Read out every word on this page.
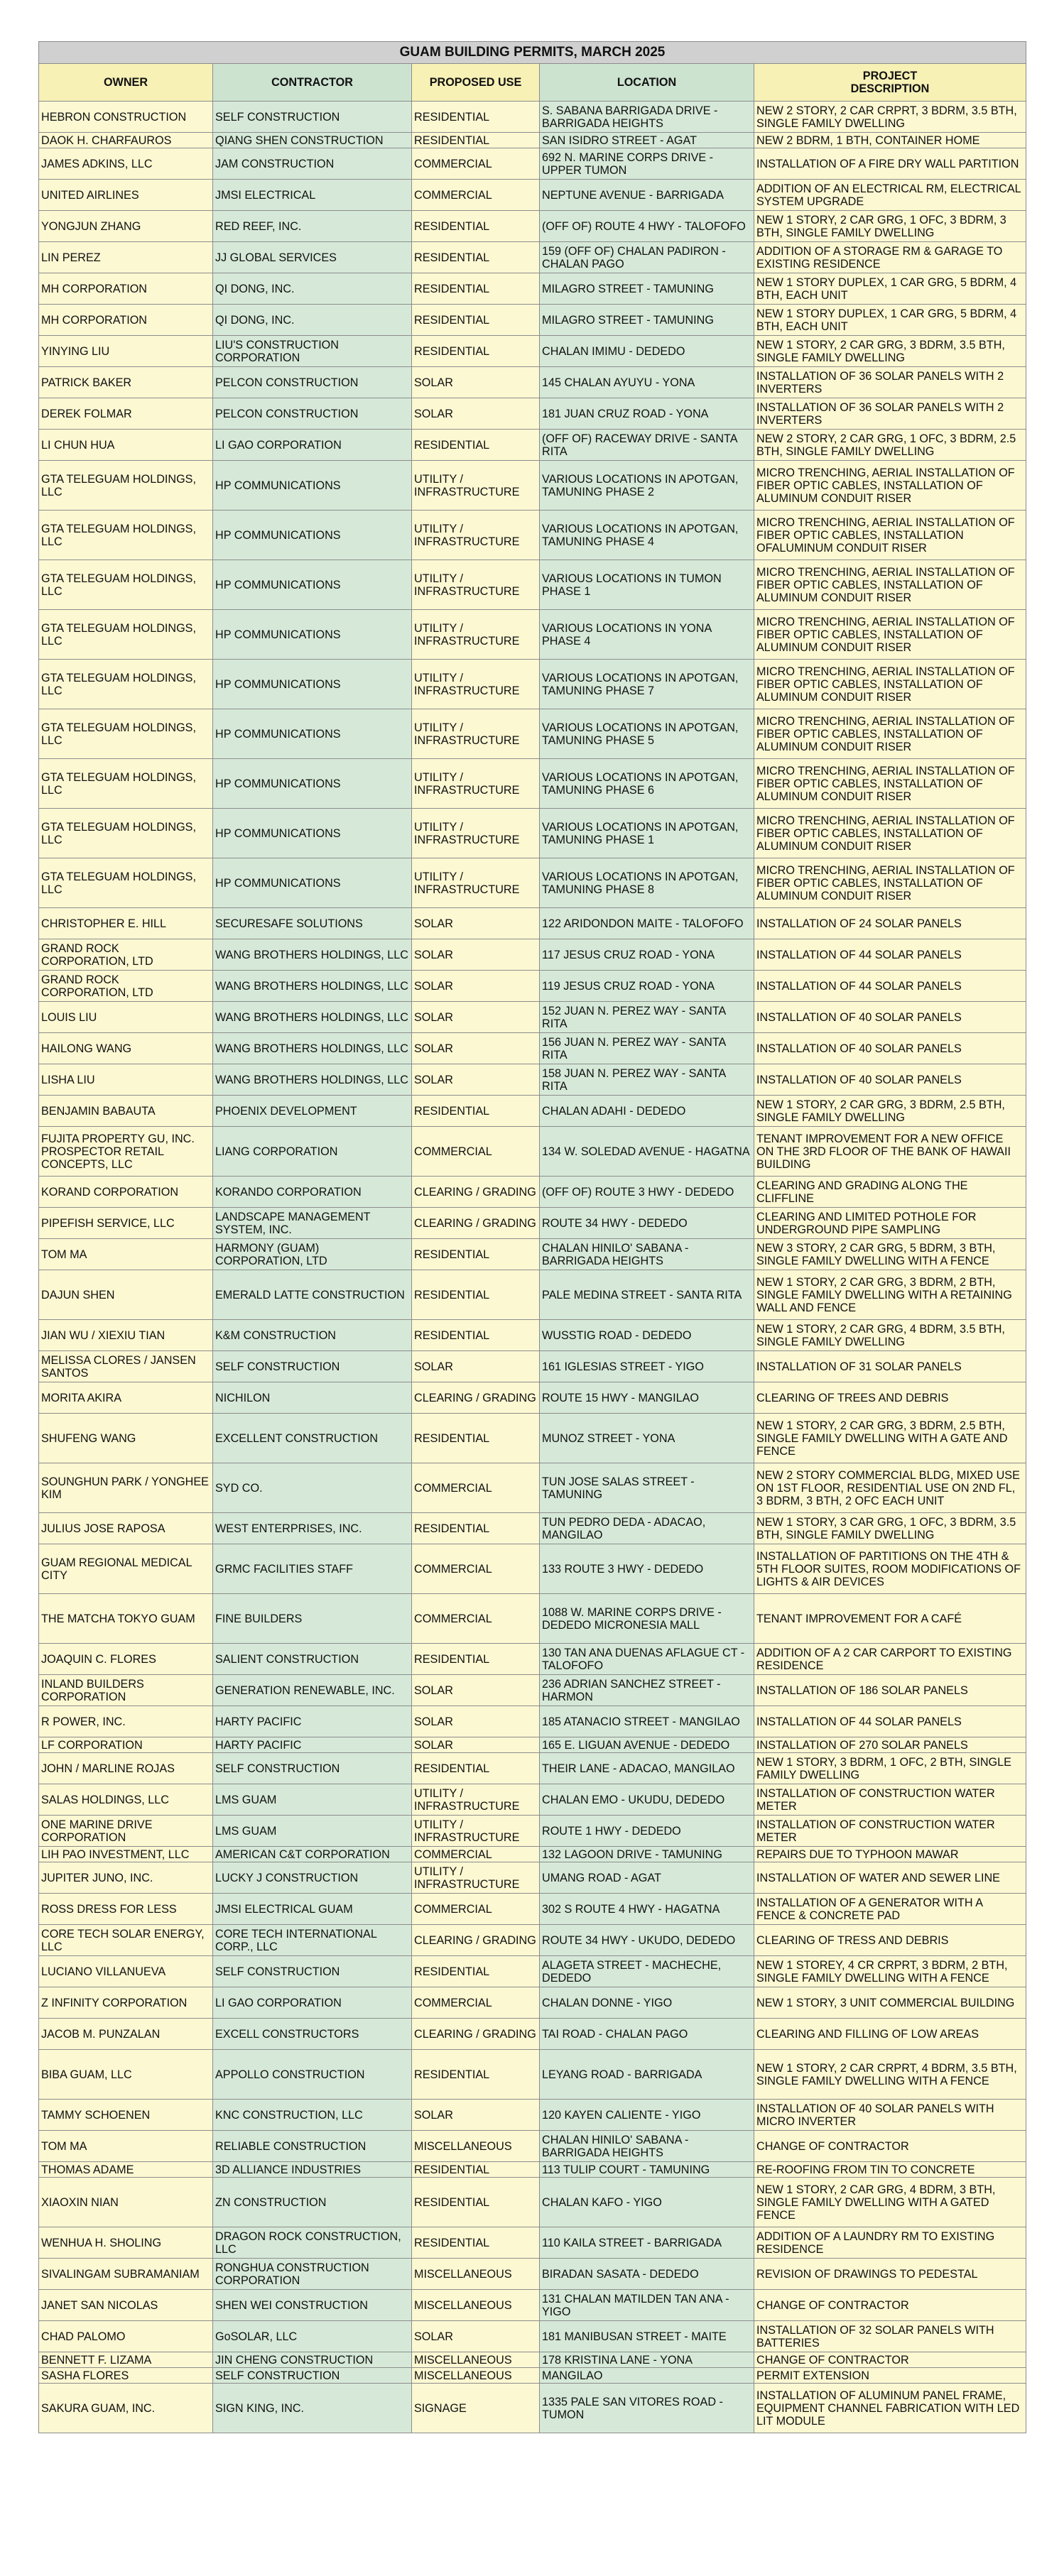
GUAM BUILDING PERMITS, MARCH 2025				
OWNER	CONTRACTOR	PROPOSED USE	LOCATION	PROJECT
DESCRIPTION
HEBRON CONSTRUCTION	SELF CONSTRUCTION	RESIDENTIAL	S. SABANA BARRIGADA DRIVE - BARRIGADA HEIGHTS	NEW 2 STORY, 2 CAR CRPRT, 3 BDRM, 3.5 BTH, SINGLE FAMILY DWELLING
DAOK H. CHARFAUROS	QIANG SHEN CONSTRUCTION	RESIDENTIAL	SAN ISIDRO STREET - AGAT	NEW 2 BDRM, 1 BTH, CONTAINER HOME
JAMES ADKINS, LLC	JAM CONSTRUCTION	COMMERCIAL	692 N. MARINE CORPS DRIVE - UPPER TUMON	INSTALLATION OF A FIRE DRY WALL PARTITION
UNITED AIRLINES	JMSI ELECTRICAL	COMMERCIAL	NEPTUNE AVENUE - BARRIGADA	ADDITION OF AN ELECTRICAL RM, ELECTRICAL SYSTEM UPGRADE
YONGJUN ZHANG	RED REEF, INC.	RESIDENTIAL	(OFF OF) ROUTE 4 HWY - TALOFOFO	NEW 1 STORY, 2 CAR GRG, 1 OFC, 3 BDRM, 3 BTH, SINGLE FAMILY DWELLING
LIN PEREZ	JJ GLOBAL SERVICES	RESIDENTIAL	159 (OFF OF) CHALAN PADIRON - CHALAN PAGO	ADDITION OF A STORAGE RM & GARAGE TO EXISTING RESIDENCE
MH CORPORATION	QI DONG, INC.	RESIDENTIAL	MILAGRO STREET - TAMUNING	NEW 1 STORY DUPLEX, 1 CAR GRG, 5 BDRM, 4 BTH, EACH UNIT
MH CORPORATION	QI DONG, INC.	RESIDENTIAL	MILAGRO STREET - TAMUNING	NEW 1 STORY DUPLEX, 1 CAR GRG, 5 BDRM, 4 BTH, EACH UNIT
YINYING LIU	LIU'S CONSTRUCTION CORPORATION	RESIDENTIAL	CHALAN IMIMU - DEDEDO	NEW 1 STORY, 2 CAR GRG, 3 BDRM, 3.5 BTH, SINGLE FAMILY DWELLING
PATRICK BAKER	PELCON CONSTRUCTION	SOLAR	145 CHALAN AYUYU - YONA	INSTALLATION OF 36 SOLAR PANELS WITH 2 INVERTERS
DEREK FOLMAR	PELCON CONSTRUCTION	SOLAR	181 JUAN CRUZ ROAD - YONA	INSTALLATION OF 36 SOLAR PANELS WITH 2 INVERTERS
LI CHUN HUA	LI GAO CORPORATION	RESIDENTIAL	(OFF OF) RACEWAY DRIVE - SANTA RITA	NEW 2 STORY, 2 CAR GRG, 1 OFC, 3 BDRM, 2.5 BTH, SINGLE FAMILY DWELLING
GTA TELEGUAM HOLDINGS, LLC	HP COMMUNICATIONS	UTILITY / INFRASTRUCTURE	VARIOUS LOCATIONS IN APOTGAN, TAMUNING PHASE 2	MICRO TRENCHING, AERIAL INSTALLATION OF FIBER OPTIC CABLES, INSTALLATION OF ALUMINUM CONDUIT RISER
GTA TELEGUAM HOLDINGS, LLC	HP COMMUNICATIONS	UTILITY / INFRASTRUCTURE	VARIOUS LOCATIONS IN APOTGAN, TAMUNING PHASE 4	MICRO TRENCHING, AERIAL INSTALLATION OF FIBER OPTIC CABLES, INSTALLATION OFALUMINUM CONDUIT RISER
GTA TELEGUAM HOLDINGS, LLC	HP COMMUNICATIONS	UTILITY / INFRASTRUCTURE	VARIOUS LOCATIONS IN TUMON PHASE 1	MICRO TRENCHING, AERIAL INSTALLATION OF FIBER OPTIC CABLES, INSTALLATION OF ALUMINUM CONDUIT RISER
GTA TELEGUAM HOLDINGS, LLC	HP COMMUNICATIONS	UTILITY / INFRASTRUCTURE	VARIOUS LOCATIONS IN YONA PHASE 4	MICRO TRENCHING, AERIAL INSTALLATION OF FIBER OPTIC CABLES, INSTALLATION OF ALUMINUM CONDUIT RISER
GTA TELEGUAM HOLDINGS, LLC	HP COMMUNICATIONS	UTILITY / INFRASTRUCTURE	VARIOUS LOCATIONS IN APOTGAN, TAMUNING PHASE 7	MICRO TRENCHING, AERIAL INSTALLATION OF FIBER OPTIC CABLES, INSTALLATION OF ALUMINUM CONDUIT RISER
GTA TELEGUAM HOLDINGS, LLC	HP COMMUNICATIONS	UTILITY / INFRASTRUCTURE	VARIOUS LOCATIONS IN APOTGAN, TAMUNING PHASE 5	MICRO TRENCHING, AERIAL INSTALLATION OF FIBER OPTIC CABLES, INSTALLATION OF ALUMINUM CONDUIT RISER
GTA TELEGUAM HOLDINGS, LLC	HP COMMUNICATIONS	UTILITY / INFRASTRUCTURE	VARIOUS LOCATIONS IN APOTGAN, TAMUNING PHASE 6	MICRO TRENCHING, AERIAL INSTALLATION OF FIBER OPTIC CABLES, INSTALLATION OF ALUMINUM CONDUIT RISER
GTA TELEGUAM HOLDINGS, LLC	HP COMMUNICATIONS	UTILITY / INFRASTRUCTURE	VARIOUS LOCATIONS IN APOTGAN, TAMUNING PHASE 1	MICRO TRENCHING, AERIAL INSTALLATION OF FIBER OPTIC CABLES, INSTALLATION OF ALUMINUM CONDUIT RISER
GTA TELEGUAM HOLDINGS, LLC	HP COMMUNICATIONS	UTILITY / INFRASTRUCTURE	VARIOUS LOCATIONS IN APOTGAN, TAMUNING PHASE 8	MICRO TRENCHING, AERIAL INSTALLATION OF FIBER OPTIC CABLES, INSTALLATION OF ALUMINUM CONDUIT RISER
CHRISTOPHER E. HILL	SECURESAFE SOLUTIONS	SOLAR	122 ARIDONDON MAITE - TALOFOFO	INSTALLATION OF 24 SOLAR PANELS
GRAND ROCK CORPORATION, LTD	WANG BROTHERS HOLDINGS, LLC	SOLAR	117 JESUS CRUZ ROAD - YONA	INSTALLATION OF 44 SOLAR PANELS
GRAND ROCK CORPORATION, LTD	WANG BROTHERS HOLDINGS, LLC	SOLAR	119 JESUS CRUZ ROAD - YONA	INSTALLATION OF 44 SOLAR PANELS
LOUIS LIU	WANG BROTHERS HOLDINGS, LLC	SOLAR	152 JUAN N. PEREZ WAY - SANTA RITA	INSTALLATION OF 40 SOLAR PANELS
HAILONG WANG	WANG BROTHERS HOLDINGS, LLC	SOLAR	156 JUAN N. PEREZ WAY - SANTA RITA	INSTALLATION OF 40 SOLAR PANELS
LISHA LIU	WANG BROTHERS HOLDINGS, LLC	SOLAR	158 JUAN N. PEREZ WAY - SANTA RITA	INSTALLATION OF 40 SOLAR PANELS
BENJAMIN BABAUTA	PHOENIX DEVELOPMENT	RESIDENTIAL	CHALAN ADAHI - DEDEDO	NEW 1 STORY, 2 CAR GRG, 3 BDRM, 2.5 BTH, SINGLE FAMILY DWELLING
FUJITA PROPERTY GU, INC. PROSPECTOR RETAIL CONCEPTS, LLC	LIANG CORPORATION	COMMERCIAL	134 W. SOLEDAD AVENUE - HAGATNA	TENANT IMPROVEMENT FOR A NEW OFFICE ON THE 3RD FLOOR OF THE BANK OF HAWAII BUILDING
KORAND CORPORATION	KORANDO CORPORATION	CLEARING / GRADING	(OFF OF) ROUTE 3 HWY - DEDEDO	CLEARING AND GRADING ALONG THE CLIFFLINE
PIPEFISH SERVICE, LLC	LANDSCAPE MANAGEMENT SYSTEM, INC.	CLEARING / GRADING	ROUTE 34 HWY - DEDEDO	CLEARING AND LIMITED POTHOLE FOR UNDERGROUND PIPE SAMPLING
TOM MA	HARMONY (GUAM) CORPORATION, LTD	RESIDENTIAL	CHALAN HINILO' SABANA - BARRIGADA HEIGHTS	NEW 3 STORY, 2 CAR GRG, 5 BDRM, 3 BTH, SINGLE FAMILY DWELLING WITH A FENCE
DAJUN SHEN	EMERALD LATTE CONSTRUCTION	RESIDENTIAL	PALE MEDINA STREET - SANTA RITA	NEW 1 STORY, 2 CAR GRG, 3 BDRM, 2 BTH, SINGLE FAMILY DWELLING WITH A RETAINING WALL AND FENCE
JIAN WU / XIEXIU TIAN	K&M CONSTRUCTION	RESIDENTIAL	WUSSTIG ROAD - DEDEDO	NEW 1 STORY, 2 CAR GRG, 4 BDRM, 3.5 BTH, SINGLE FAMILY DWELLING
MELISSA CLORES / JANSEN SANTOS	SELF CONSTRUCTION	SOLAR	161 IGLESIAS STREET - YIGO	INSTALLATION OF 31 SOLAR PANELS
MORITA AKIRA	NICHILON	CLEARING / GRADING	ROUTE 15 HWY - MANGILAO	CLEARING OF TREES AND DEBRIS
SHUFENG WANG	EXCELLENT CONSTRUCTION	RESIDENTIAL	MUNOZ STREET - YONA	NEW 1 STORY, 2 CAR GRG, 3 BDRM, 2.5 BTH, SINGLE FAMILY DWELLING WITH A GATE AND FENCE
SOUNGHUN PARK / YONGHEE KIM	SYD CO.	COMMERCIAL	TUN JOSE SALAS STREET - TAMUNING	NEW 2 STORY COMMERCIAL BLDG, MIXED USE ON 1ST FLOOR, RESIDENTIAL USE ON 2ND FL, 3 BDRM, 3 BTH, 2 OFC EACH UNIT
JULIUS JOSE RAPOSA	WEST ENTERPRISES, INC.	RESIDENTIAL	TUN PEDRO DEDA - ADACAO, MANGILAO	NEW 1 STORY, 3 CAR GRG, 1 OFC, 3 BDRM, 3.5 BTH, SINGLE FAMILY DWELLING
GUAM REGIONAL MEDICAL CITY	GRMC FACILITIES STAFF	COMMERCIAL	133 ROUTE 3 HWY - DEDEDO	INSTALLATION OF PARTITIONS ON THE 4TH & 5TH FLOOR SUITES, ROOM MODIFICATIONS OF LIGHTS & AIR DEVICES
THE MATCHA TOKYO GUAM	FINE BUILDERS	COMMERCIAL	1088 W. MARINE CORPS DRIVE - DEDEDO MICRONESIA MALL	TENANT IMPROVEMENT FOR A CAFÉ
JOAQUIN C. FLORES	SALIENT CONSTRUCTION	RESIDENTIAL	130 TAN ANA DUENAS AFLAGUE CT - TALOFOFO	ADDITION OF A 2 CAR CARPORT TO EXISTING RESIDENCE
INLAND BUILDERS CORPORATION	GENERATION RENEWABLE, INC.	SOLAR	236 ADRIAN SANCHEZ STREET - HARMON	INSTALLATION OF 186 SOLAR PANELS
R POWER, INC.	HARTY PACIFIC	SOLAR	185 ATANACIO STREET - MANGILAO	INSTALLATION OF 44 SOLAR PANELS
LF CORPORATION	HARTY PACIFIC	SOLAR	165 E. LIGUAN AVENUE - DEDEDO	INSTALLATION OF 270 SOLAR PANELS
JOHN / MARLINE ROJAS	SELF CONSTRUCTION	RESIDENTIAL	THEIR LANE - ADACAO, MANGILAO	NEW 1 STORY, 3 BDRM, 1 OFC, 2 BTH, SINGLE FAMILY DWELLING
SALAS HOLDINGS, LLC	LMS GUAM	UTILITY / INFRASTRUCTURE	CHALAN EMO - UKUDU, DEDEDO	INSTALLATION OF CONSTRUCTION WATER METER
ONE MARINE DRIVE CORPORATION	LMS GUAM	UTILITY / INFRASTRUCTURE	ROUTE 1 HWY - DEDEDO	INSTALLATION OF CONSTRUCTION WATER METER
LIH PAO INVESTMENT, LLC	AMERICAN C&T CORPORATION	COMMERCIAL	132 LAGOON DRIVE - TAMUNING	REPAIRS DUE TO TYPHOON MAWAR
JUPITER JUNO, INC.	LUCKY J CONSTRUCTION	UTILITY / INFRASTRUCTURE	UMANG ROAD - AGAT	INSTALLATION OF WATER AND SEWER LINE
ROSS DRESS FOR LESS	JMSI ELECTRICAL GUAM	COMMERCIAL	302 S ROUTE 4 HWY - HAGATNA	INSTALLATION OF A GENERATOR WITH A FENCE & CONCRETE PAD
CORE TECH SOLAR ENERGY, LLC	CORE TECH INTERNATIONAL CORP., LLC	CLEARING / GRADING	ROUTE 34 HWY - UKUDO, DEDEDO	CLEARING OF TRESS AND DEBRIS
LUCIANO VILLANUEVA	SELF CONSTRUCTION	RESIDENTIAL	ALAGETA STREET - MACHECHE, DEDEDO	NEW 1 STOREY, 4 CR CRPRT, 3 BDRM, 2 BTH, SINGLE FAMILY DWELLING WITH A FENCE
Z INFINITY CORPORATION	LI GAO CORPORATION	COMMERCIAL	CHALAN DONNE - YIGO	NEW 1 STORY, 3 UNIT COMMERCIAL BUILDING
JACOB M. PUNZALAN	EXCELL CONSTRUCTORS	CLEARING / GRADING	TAI ROAD - CHALAN PAGO	CLEARING AND FILLING OF LOW AREAS
BIBA GUAM, LLC	APPOLLO CONSTRUCTION	RESIDENTIAL	LEYANG ROAD - BARRIGADA	NEW 1 STORY, 2 CAR CRPRT, 4 BDRM, 3.5 BTH, SINGLE FAMILY DWELLING WITH A FENCE
TAMMY SCHOENEN	KNC CONSTRUCTION, LLC	SOLAR	120 KAYEN CALIENTE - YIGO	INSTALLATION OF 40 SOLAR PANELS WITH MICRO INVERTER
TOM MA	RELIABLE CONSTRUCTION	MISCELLANEOUS	CHALAN HINILO' SABANA - BARRIGADA HEIGHTS	CHANGE OF CONTRACTOR
THOMAS ADAME	3D ALLIANCE INDUSTRIES	RESIDENTIAL	113 TULIP COURT - TAMUNING	RE-ROOFING FROM TIN TO CONCRETE
XIAOXIN NIAN	ZN CONSTRUCTION	RESIDENTIAL	CHALAN KAFO - YIGO	NEW 1 STORY, 2 CAR GRG, 4 BDRM, 3 BTH, SINGLE FAMILY DWELLING WITH A GATED FENCE
WENHUA H. SHOLING	DRAGON ROCK CONSTRUCTION, LLC	RESIDENTIAL	110 KAILA STREET - BARRIGADA	ADDITION OF A LAUNDRY RM TO EXISTING RESIDENCE
SIVALINGAM SUBRAMANIAM	RONGHUA CONSTRUCTION CORPORATION	MISCELLANEOUS	BIRADAN SASATA - DEDEDO	REVISION OF DRAWINGS TO PEDESTAL
JANET SAN NICOLAS	SHEN WEI CONSTRUCTION	MISCELLANEOUS	131 CHALAN MATILDEN TAN ANA - YIGO	CHANGE OF CONTRACTOR
CHAD PALOMO	GoSOLAR, LLC	SOLAR	181 MANIBUSAN STREET - MAITE	INSTALLATION OF 32 SOLAR PANELS WITH BATTERIES
BENNETT F. LIZAMA	JIN CHENG CONSTRUCTION	MISCELLANEOUS	178 KRISTINA LANE - YONA	CHANGE OF CONTRACTOR
SASHA FLORES	SELF CONSTRUCTION	MISCELLANEOUS	MANGILAO	PERMIT EXTENSION
SAKURA GUAM, INC.	SIGN KING, INC.	SIGNAGE	1335 PALE SAN VITORES ROAD - TUMON	INSTALLATION OF ALUMINUM PANEL FRAME, EQUIPMENT CHANNEL FABRICATION WITH LED LIT MODULE
